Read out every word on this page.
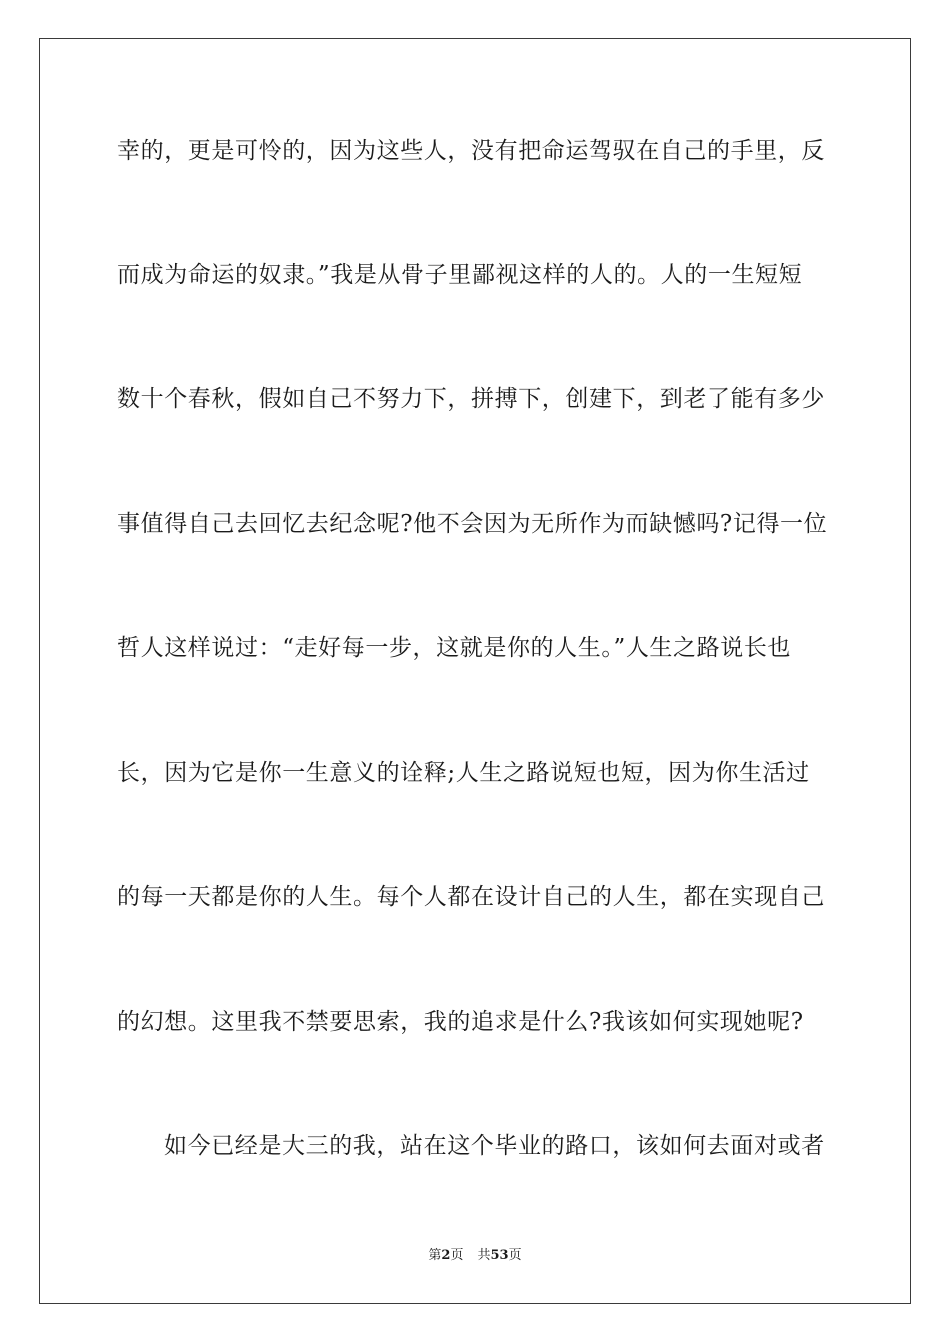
幸的，更是可怜的，因为这些人，没有把命运驾驭在自己的手里，反
而成为命运的奴隶。”我是从骨子里鄙视这样的人的。人的一生短短
数十个春秋，假如自己不努力下，拼搏下，创建下，到老了能有多少
事值得自己去回忆去纪念呢?他不会因为无所作为而缺憾吗?记得一位
哲人这样说过：“走好每一步，这就是你的人生。”人生之路说长也
长，因为它是你一生意义的诠释;人生之路说短也短，因为你生活过
的每一天都是你的人生。每个人都在设计自己的人生，都在实现自己
的幻想。这里我不禁要思索，我的追求是什么?我该如何实现她呢?
如今已经是大三的我，站在这个毕业的路口，该如何去面对或者
第2页 共53页
